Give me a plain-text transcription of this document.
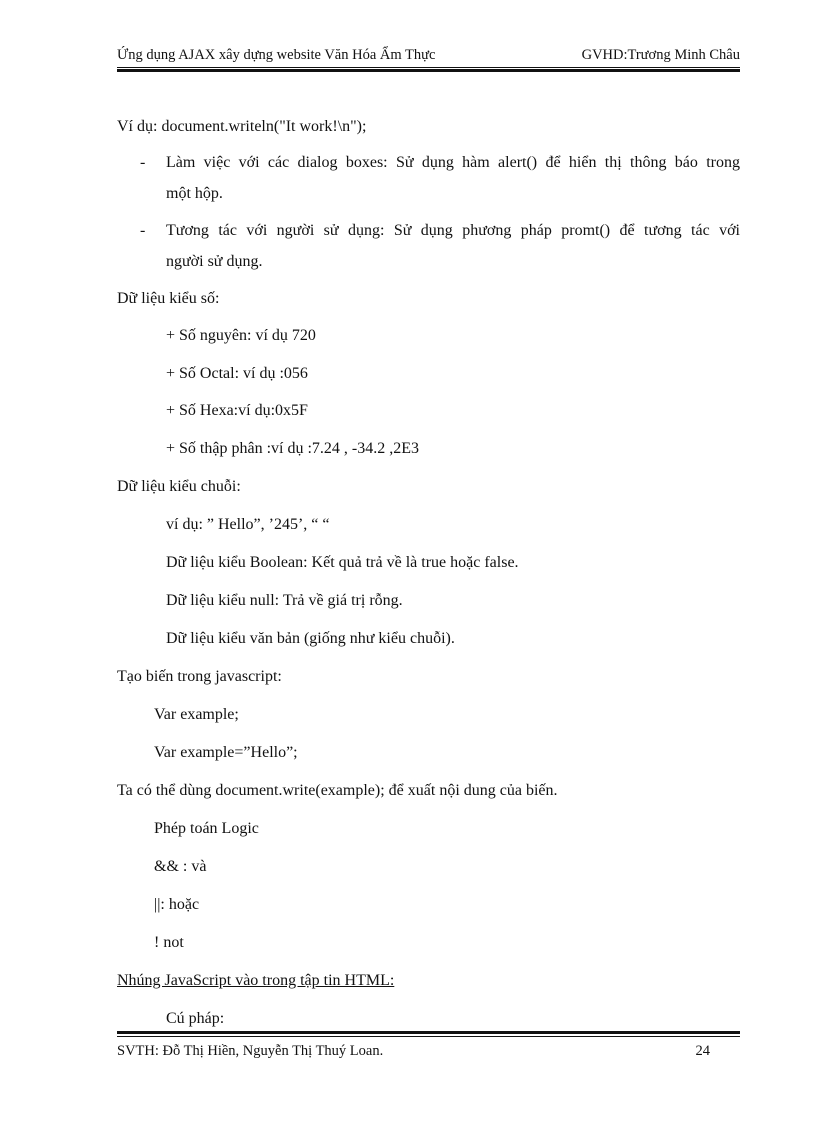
Ứng dụng AJAX xây dựng website Văn Hóa Ẩm Thực	GVHD:Trương Minh Châu
Ví dụ: document.writeln("It work!\n");
- Làm việc với các dialog boxes: Sử dụng hàm alert() để hiển thị thông báo trong
một hộp.
- Tương tác với người sử dụng: Sử dụng phương pháp promt() để tương tác với
người sử dụng.
Dữ liệu kiểu số:
+ Số nguyên: ví dụ 720
+ Số Octal: ví dụ :056
+ Số Hexa:ví dụ:0x5F
+ Số thập phân :ví dụ :7.24 , -34.2 ,2E3
Dữ liệu kiểu chuỗi:
ví dụ: ” Hello”, ’245’, “ “
Dữ liệu kiểu Boolean: Kết quả trả về là true hoặc false.
Dữ liệu kiểu null: Trả về giá trị rỗng.
Dữ liệu kiểu văn bản (giống như kiểu chuỗi).
Tạo biến trong javascript:
Var example;
Var example=”Hello”;
Ta có thể dùng document.write(example); để xuất nội dung của biến.
Phép toán Logic
&& : và
||: hoặc
! not
Nhúng JavaScript vào trong tập tin HTML:
Cú pháp:
SVTH: Đỗ Thị Hiền, Nguyễn Thị Thuý Loan.	24
